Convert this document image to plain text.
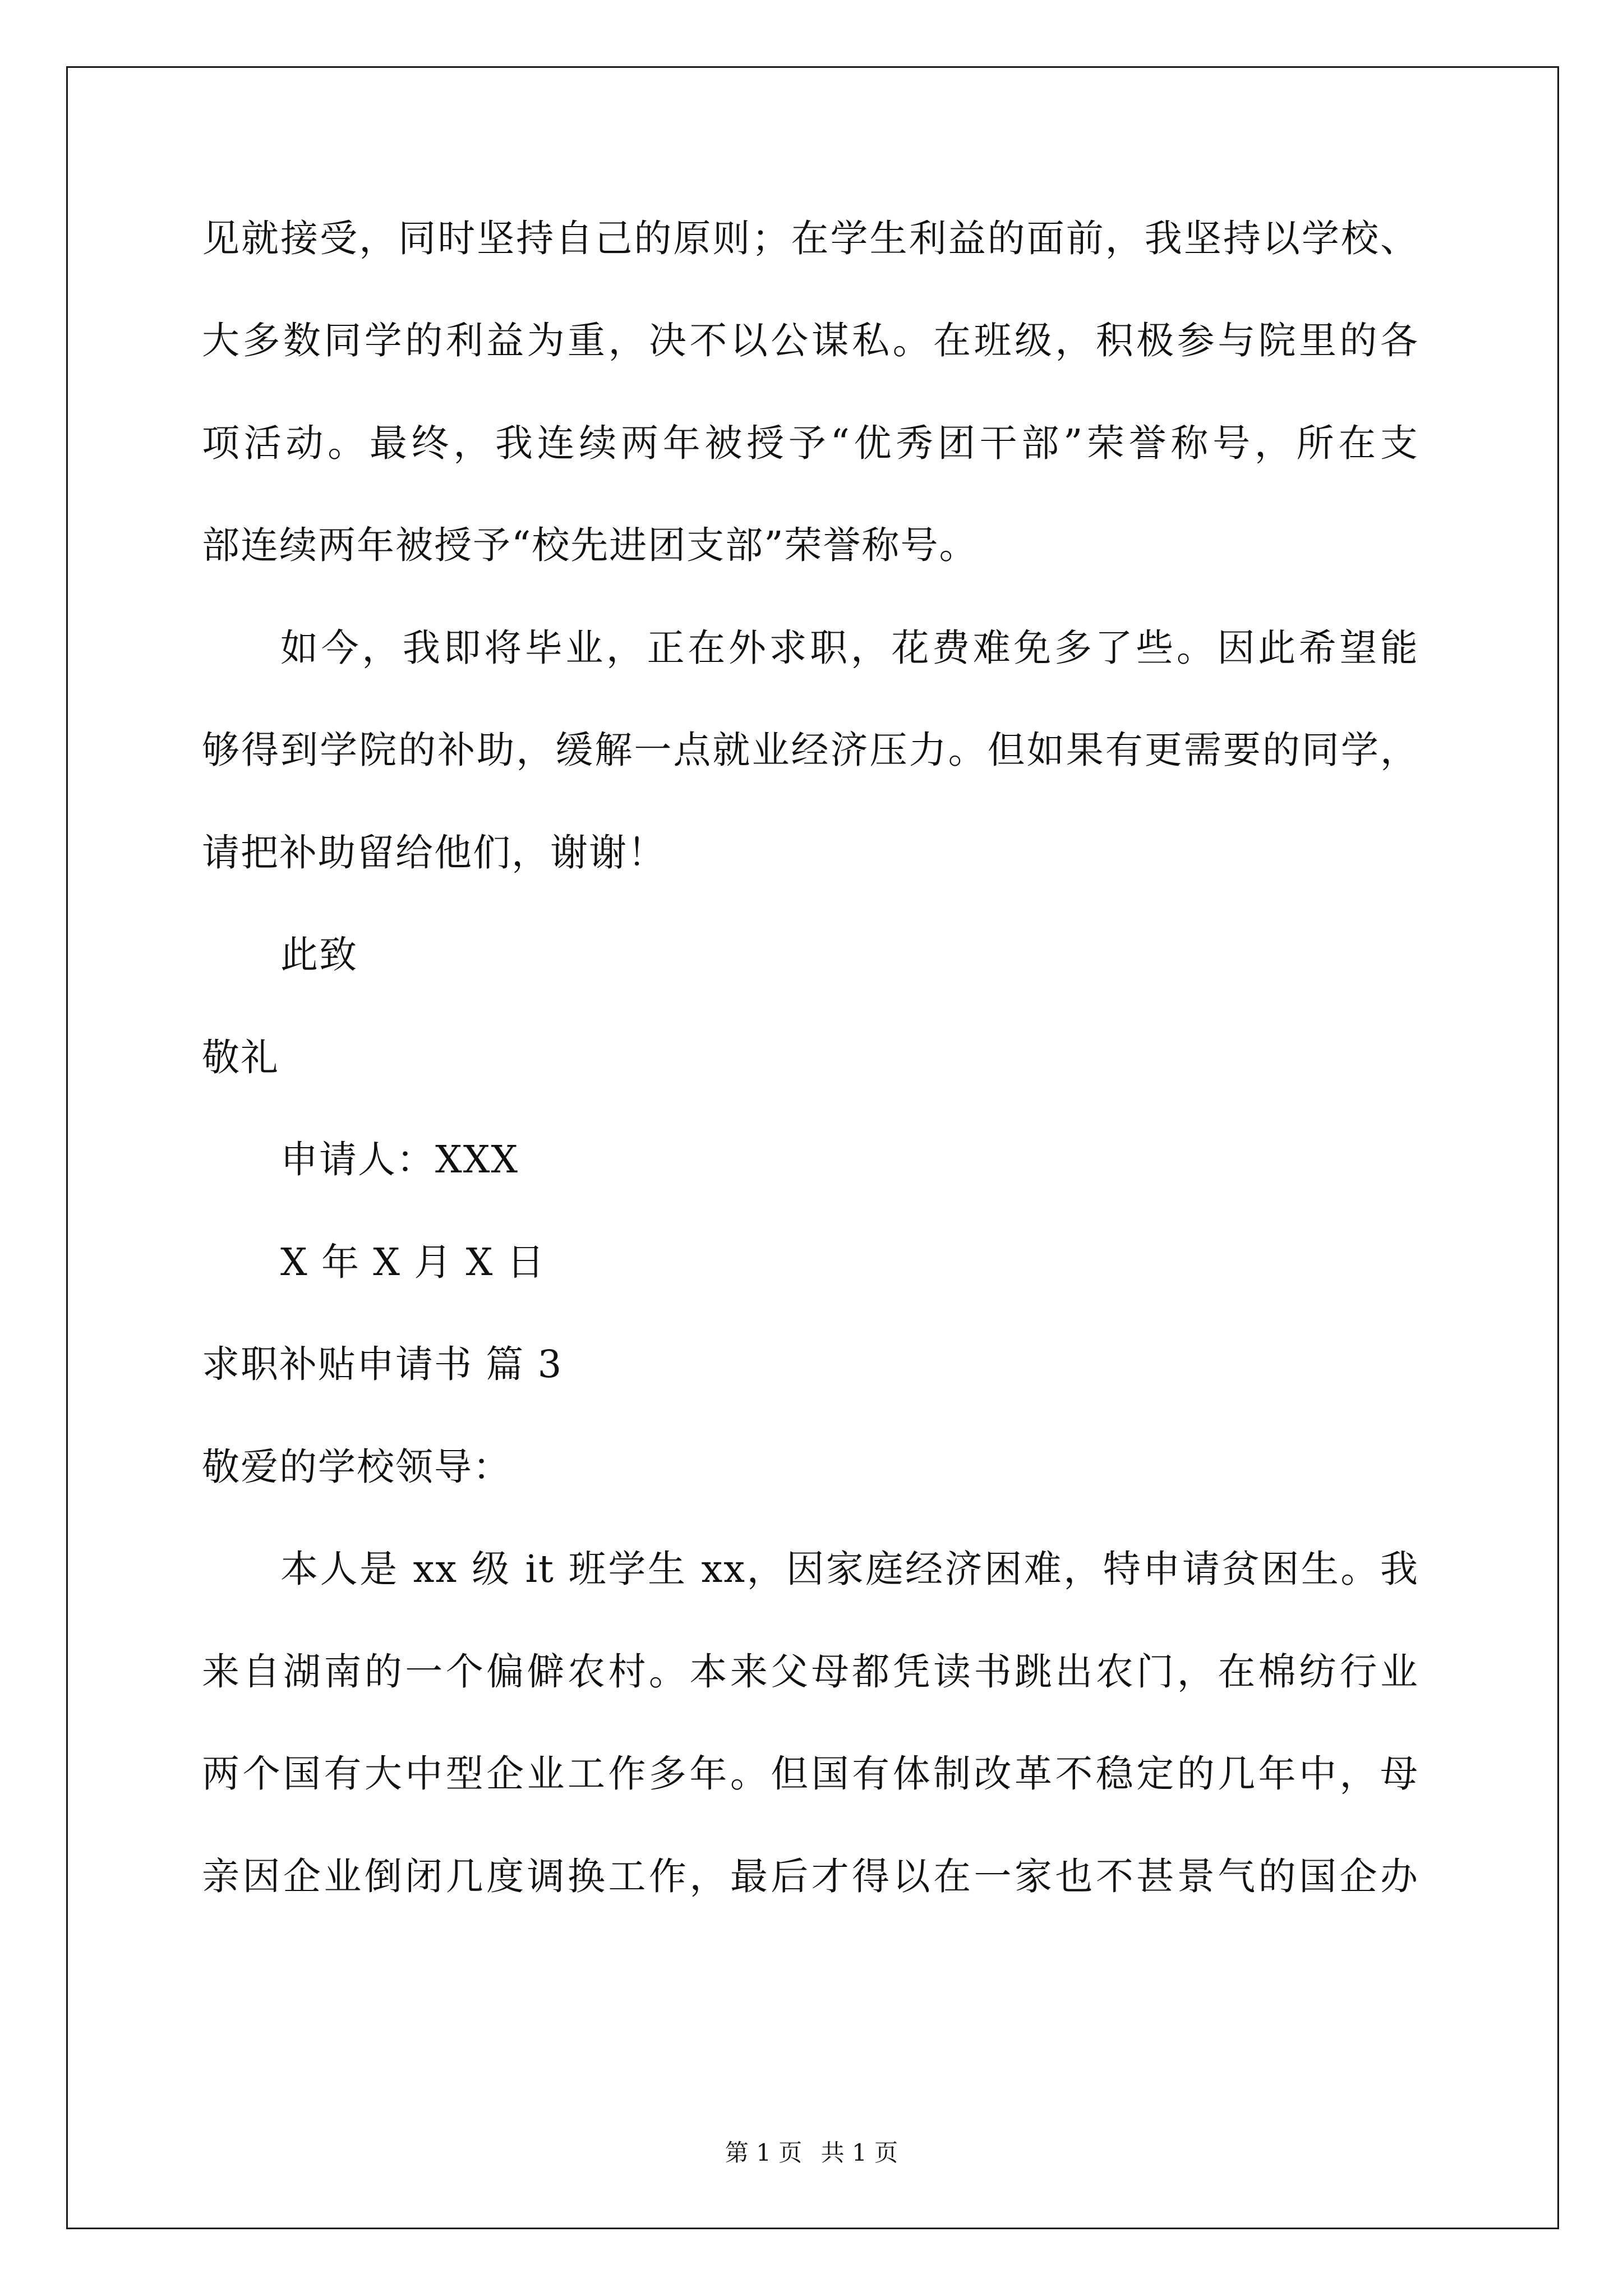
见就接受，同时坚持自己的原则；在学生利益的面前，我坚持以学校、
大多数同学的利益为重，决不以公谋私。在班级，积极参与院里的各
项活动。最终，我连续两年被授予“优秀团干部”荣誉称号，所在支
部连续两年被授予“校先进团支部”荣誉称号。
如今，我即将毕业，正在外求职，花费难免多了些。因此希望能
够得到学院的补助，缓解一点就业经济压力。但如果有更需要的同学，
请把补助留给他们，谢谢！
此致
敬礼
申请人：XXX
X 年 X 月 X 日
求职补贴申请书 篇 3
敬爱的学校领导：
本人是 xx 级 it 班学生 xx，因家庭经济困难，特申请贫困生。我
来自湖南的一个偏僻农村。本来父母都凭读书跳出农门，在棉纺行业
两个国有大中型企业工作多年。但国有体制改革不稳定的几年中，母
亲因企业倒闭几度调换工作，最后才得以在一家也不甚景气的国企办
第 1 页 共 1 页
